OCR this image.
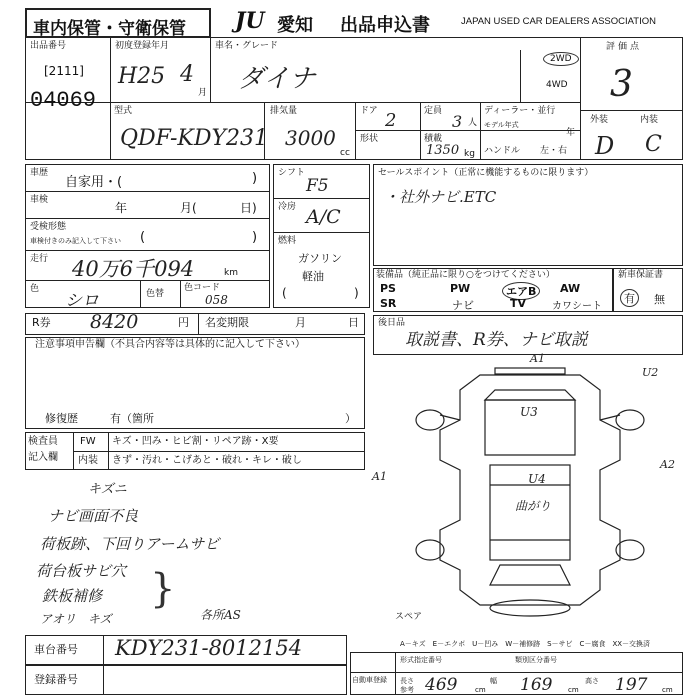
車内保管・守衛保管 JU 愛知 出品申込書	JAPAN USED CAR DEALERS ASSOCIATION
出品番号
[2111]
04069
初度登録年月
H25 4
月
車名・グレード
ダイナ
2WD
4WD
評価点
3
外装	内装
D C
型式
QDF-KDY231
排気量
3000
cc
ドア 2
形状
定員
3 人
積載
1350 kg
ディーラー・並行
モデル年式
年
ハンドル 左・右
車歴
自家用・(	)
車検
年	月(	日)
受検形態
車検付きのみ記入して下さい (	)
走行 40万6千094	km
色
シロ	色替
色コード
058
シフト
F5
冷房 A/C
燃料
ガソリン
軽油
(	)
セールスポイント（正常に機能するものに限ります）
・社外ナビ.ETC
装備品（純正品に限り○をつけてください）
PS	PW	エアB	AW
SR	ナビ	TV	カワシート
新車保証書
有	無
R券 8420	円 名変期限	月	日 後日品
取説書、R券、ナビ取説
注意事項申告欄（不具合内容等は具体的に記入して下さい）
修復歴	有（箇所	）
検査員
記入欄
FW キズ・凹み・ヒビ割・リペア跡・X要
内装 きず・汚れ・こげあと・破れ・キレ・破し
キズニ
ナビ画面不良
荷板跡、下回りアームサビ
荷台板サビ穴
鉄板補修
アオリ　キズ	各所AS
}
A1
U2
U3
U4
A1
曲がり
A2
スペア
A－キズ　E－エクボ　U－凹み　W－補修跡　S－サビ　C－腐食　XX－交換済
車台番号 KDY231-8012154
登録番号	自動車登録
形式指定番号	類別区分番号
参考
長さ 469	cm
幅 169 cm
高さ 197 cm
